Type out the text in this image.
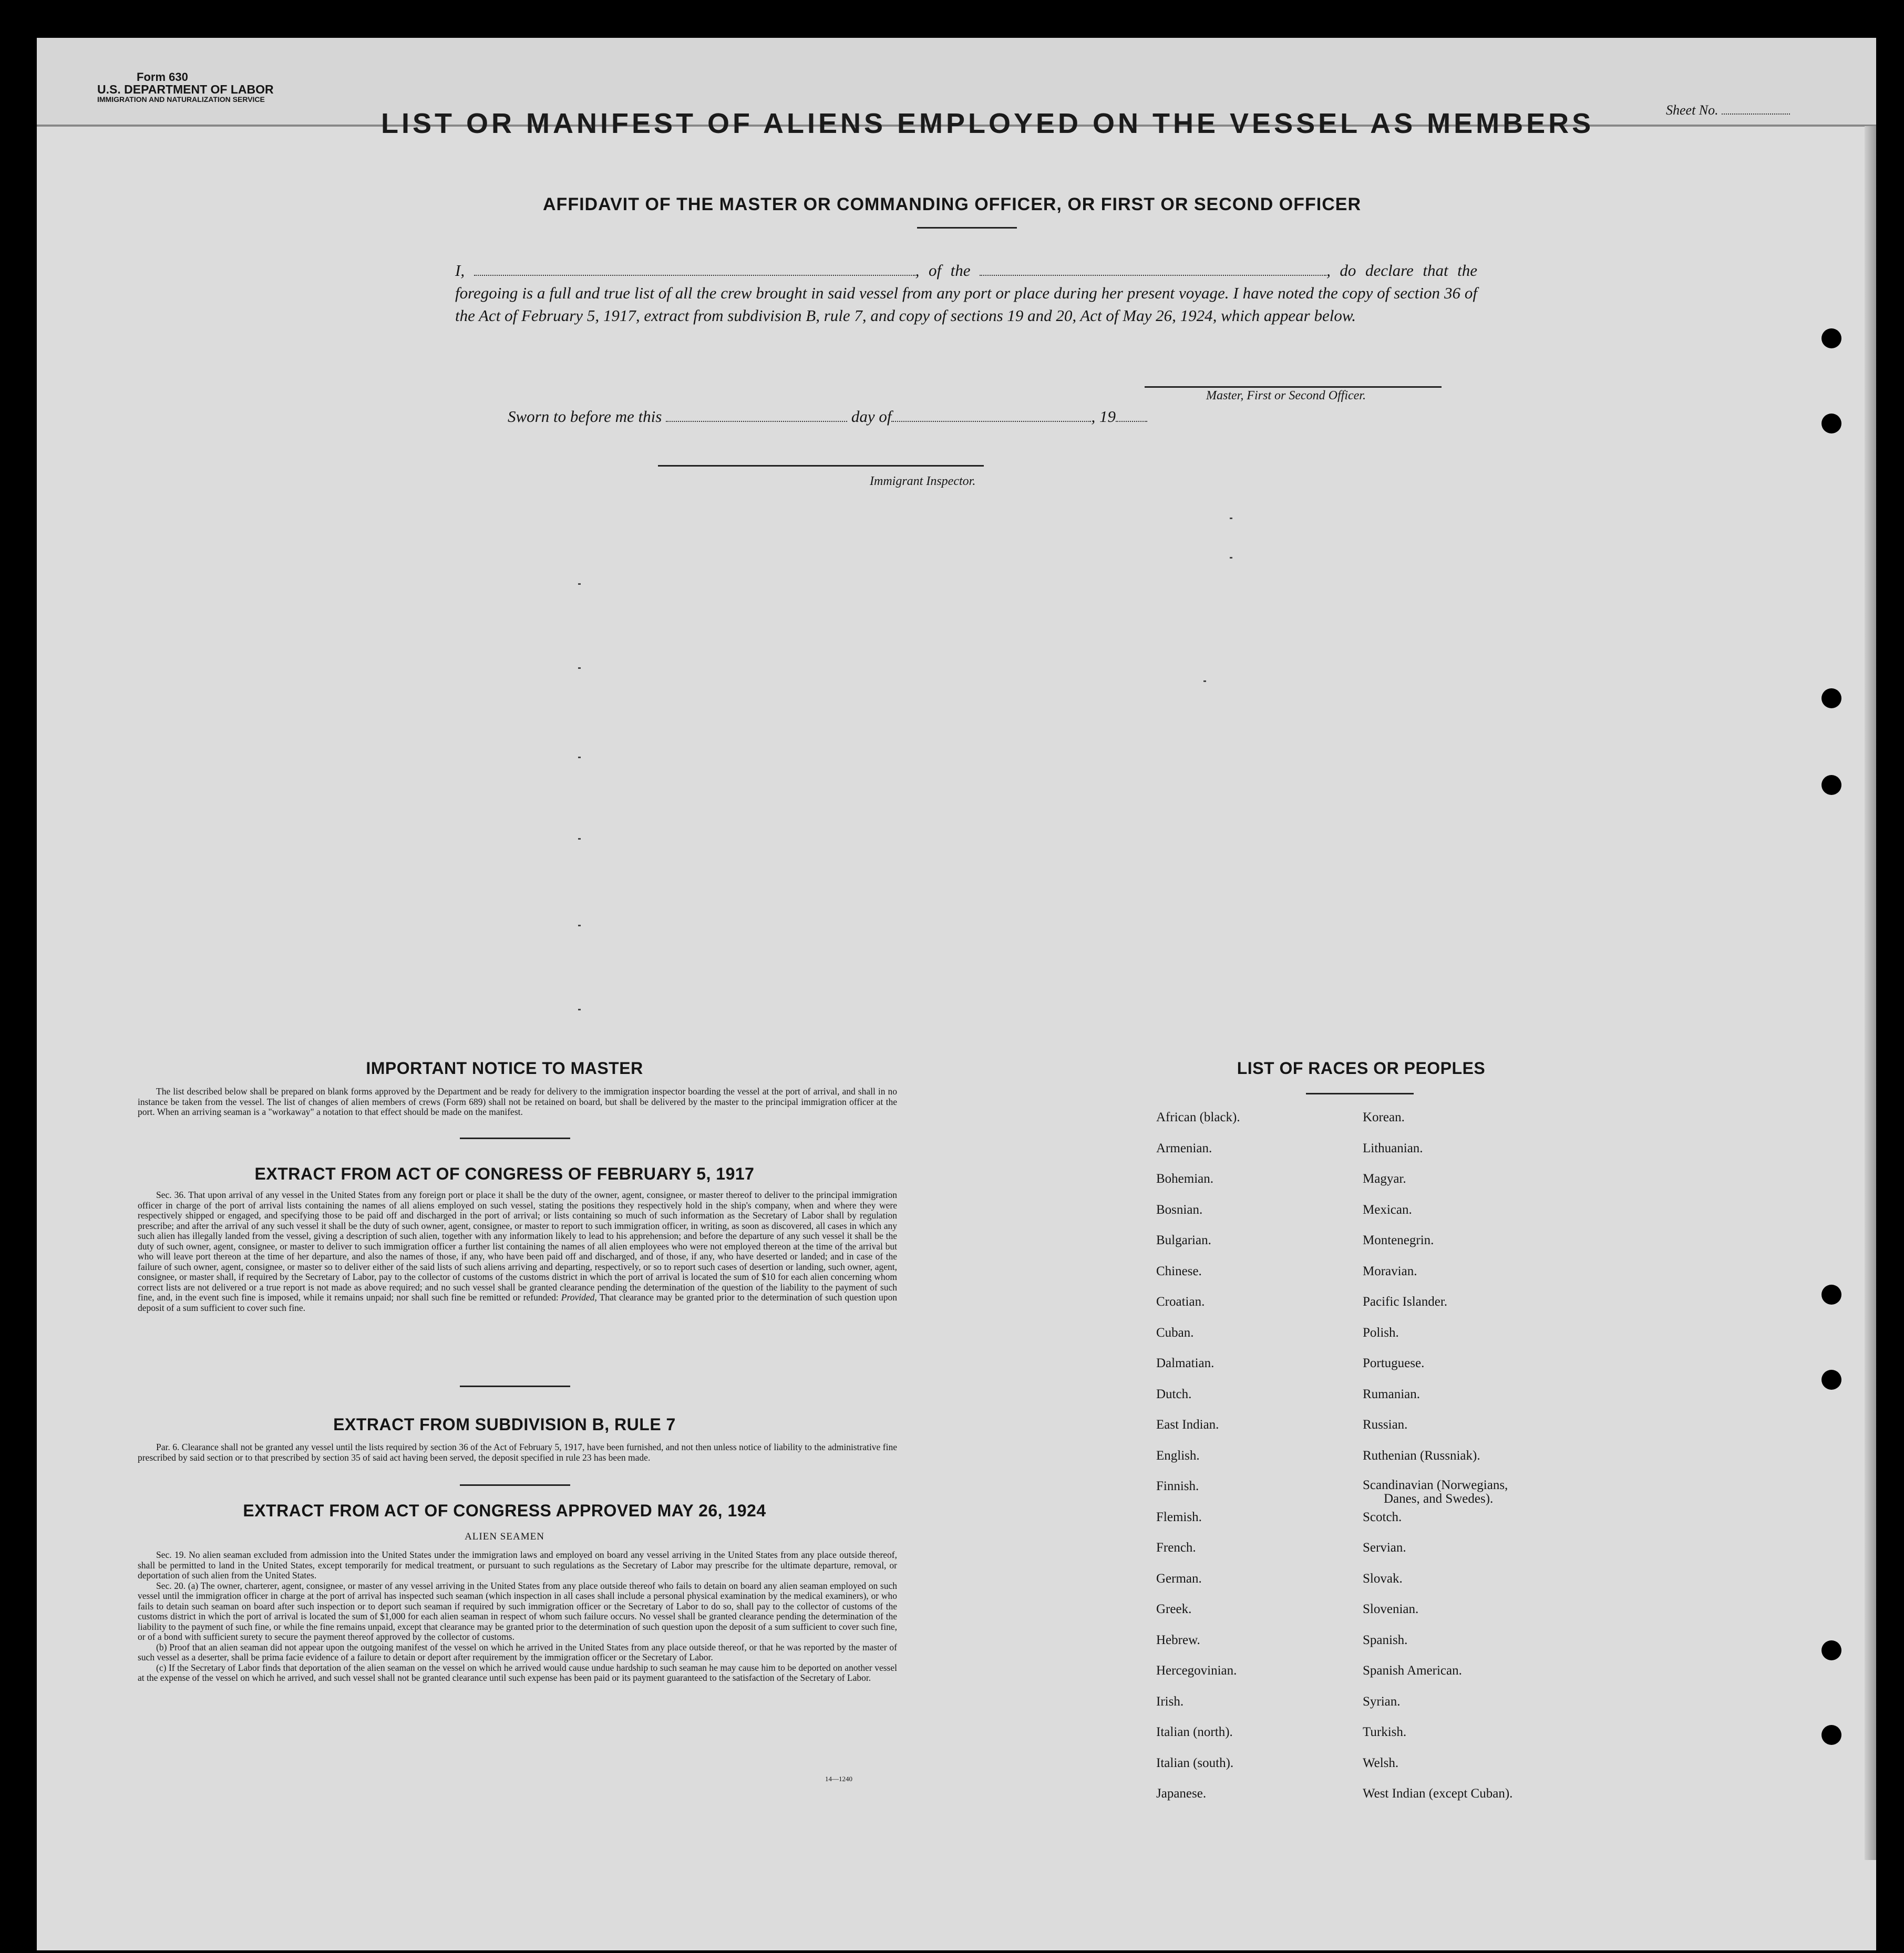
Form 630
U.S. DEPARTMENT OF LABOR
IMMIGRATION AND NATURALIZATION SERVICE
Sheet No.
AFFIDAVIT OF THE MASTER OR COMMANDING OFFICER, OR FIRST OR SECOND OFFICER
I,	, of the	, do declare that the foregoing is a full and true list of all the crew brought in said vessel from any port or place during her present voyage. I have noted the copy of section 36 of the Act of February 5, 1917, extract from subdivision B, rule 7, and copy of sections 19 and 20, Act of May 26, 1924, which appear below.
Master, First or Second Officer.
Sworn to before me this	day of	, 19
Immigrant Inspector.
IMPORTANT NOTICE TO MASTER

The list described below shall be prepared on blank forms approved by the Department and be ready for delivery to the immigration inspector boarding the vessel at the port of arrival, and shall in no instance be taken from the vessel. The list of changes of alien members of crews (Form 689) shall not be retained on board, but shall be delivered by the master to the principal immigration officer at the port. When an arriving seaman is a "workaway" a notation to that effect should be made on the manifest.

EXTRACT FROM ACT OF CONGRESS OF FEBRUARY 5, 1917

Sec. 36. That upon arrival of any vessel in the United States from any foreign port or place it shall be the duty of the owner, agent, consignee, or master thereof to deliver to the principal immigration officer in charge of the port of arrival lists containing the names of all aliens employed on such vessel, stating the positions they respectively hold in the ship's company, when and where they were respectively shipped or engaged, and specifying those to be paid off and discharged in the port of arrival; or lists containing so much of such information as the Secretary of Labor shall by regulation prescribe; and after the arrival of any such vessel it shall be the duty of such owner, agent, consignee, or master to report to such immigration officer, in writing, as soon as discovered, all cases in which any such alien has illegally landed from the vessel, giving a description of such alien, together with any information likely to lead to his apprehension; and before the departure of any such vessel it shall be the duty of such owner, agent, consignee, or master to deliver to such immigration officer a further list containing the names of all alien employees who were not employed thereon at the time of the arrival but who will leave port thereon at the time of her departure, and also the names of those, if any, who have been paid off and discharged, and of those, if any, who have deserted or landed; and in case of the failure of such owner, agent, consignee, or master so to deliver either of the said lists of such aliens arriving and departing, respectively, or so to report such cases of desertion or landing, such owner, agent, consignee, or master shall, if required by the Secretary of Labor, pay to the collector of customs of the customs district in which the port of arrival is located the sum of $10 for each alien concerning whom correct lists are not delivered or a true report is not made as above required; and no such vessel shall be granted clearance pending the determination of the question of the liability to the payment of such fine, and, in the event such fine is imposed, while it remains unpaid; nor shall such fine be remitted or refunded: Provided, That clearance may be granted prior to the determination of such question upon deposit of a sum sufficient to cover such fine.

EXTRACT FROM SUBDIVISION B, RULE 7

Par. 6. Clearance shall not be granted any vessel until the lists required by section 36 of the Act of February 5, 1917, have been furnished, and not then unless notice of liability to the administrative fine prescribed by said section or to that prescribed by section 35 of said act having been served, the deposit specified in rule 23 has been made.

EXTRACT FROM ACT OF CONGRESS APPROVED MAY 26, 1924
ALIEN SEAMEN

Sec. 19. No alien seaman excluded from admission into the United States under the immigration laws and employed on board any vessel arriving in the United States from any place outside thereof, shall be permitted to land in the United States, except temporarily for medical treatment, or pursuant to such regulations as the Secretary of Labor may prescribe for the ultimate departure, removal, or deportation of such alien from the United States.

Sec. 20. (a) The owner, charterer, agent, consignee, or master of any vessel arriving in the United States from any place outside thereof who fails to detain on board any alien seaman employed on such vessel until the immigration officer in charge at the port of arrival has inspected such seaman (which inspection in all cases shall include a personal physical examination by the medical examiners), or who fails to detain such seaman on board after such inspection or to deport such seaman if required by such immigration officer or the Secretary of Labor to do so, shall pay to the collector of customs of the customs district in which the port of arrival is located the sum of $1,000 for each alien seaman in respect of whom such failure occurs. No vessel shall be granted clearance pending the determination of the liability to the payment of such fine, or while the fine remains unpaid, except that clearance may be granted prior to the determination of such question upon the deposit of a sum sufficient to cover such fine, or of a bond with sufficient surety to secure the payment thereof approved by the collector of customs.

(b) Proof that an alien seaman did not appear upon the outgoing manifest of the vessel on which he arrived in the United States from any place outside thereof, or that he was reported by the master of such vessel as a deserter, shall be prima facie evidence of a failure to detain or deport after requirement by the immigration officer or the Secretary of Labor.

(c) If the Secretary of Labor finds that deportation of the alien seaman on the vessel on which he arrived would cause undue hardship to such seaman he may cause him to be deported on another vessel at the expense of the vessel on which he arrived, and such vessel shall not be granted clearance until such expense has been paid or its payment guaranteed to the satisfaction of the Secretary of Labor.

14—1240
LIST OF RACES OR PEOPLES
African (black).
Armenian.
Bohemian.
Bosnian.
Bulgarian.
Chinese.
Croatian.
Cuban.
Dalmatian.
Dutch.
East Indian.
English.
Finnish.
Flemish.
French.
German.
Greek.
Hebrew.
Hercegovinian.
Irish.
Italian (north).
Italian (south).
Japanese.
Korean.
Lithuanian.
Magyar.
Mexican.
Montenegrin.
Moravian.
Pacific Islander.
Polish.
Portuguese.
Rumanian.
Russian.
Ruthenian (Russniak).
Scandinavian (Norwegians,
Danes, and Swedes).
Scotch.
Servian.
Slovak.
Slovenian.
Spanish.
Spanish American.
Syrian.
Turkish.
Welsh.
West Indian (except Cuban).
